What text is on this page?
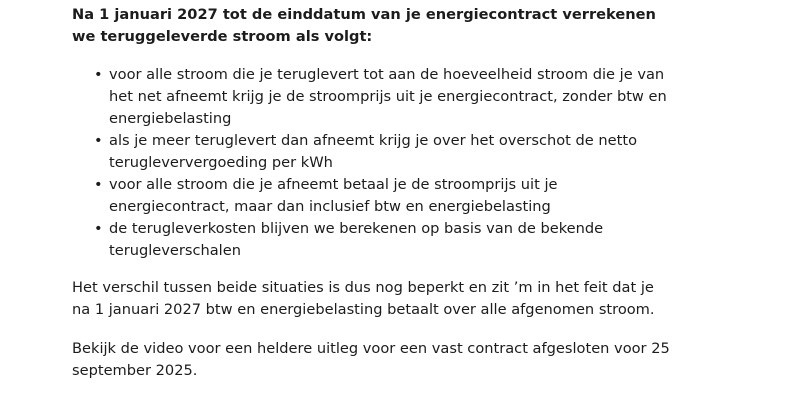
Na 1 januari 2027 tot de einddatum van je energiecontract verrekenen we teruggeleverde stroom als volgt:

• voor alle stroom die je teruglevert tot aan de hoeveelheid stroom die je van het net afneemt krijg je de stroomprijs uit je energiecontract, zonder btw en energiebelasting
• als je meer teruglevert dan afneemt krijg je over het overschot de netto terugleververgoeding per kWh
• voor alle stroom die je afneemt betaal je de stroomprijs uit je energiecontract, maar dan inclusief btw en energiebelasting
• de terugleverkosten blijven we berekenen op basis van de bekende terugleverschalen

Het verschil tussen beide situaties is dus nog beperkt en zit ’m in het feit dat je na 1 januari 2027 btw en energiebelasting betaalt over alle afgenomen stroom.

Bekijk de video voor een heldere uitleg voor een vast contract afgesloten voor 25 september 2025.
